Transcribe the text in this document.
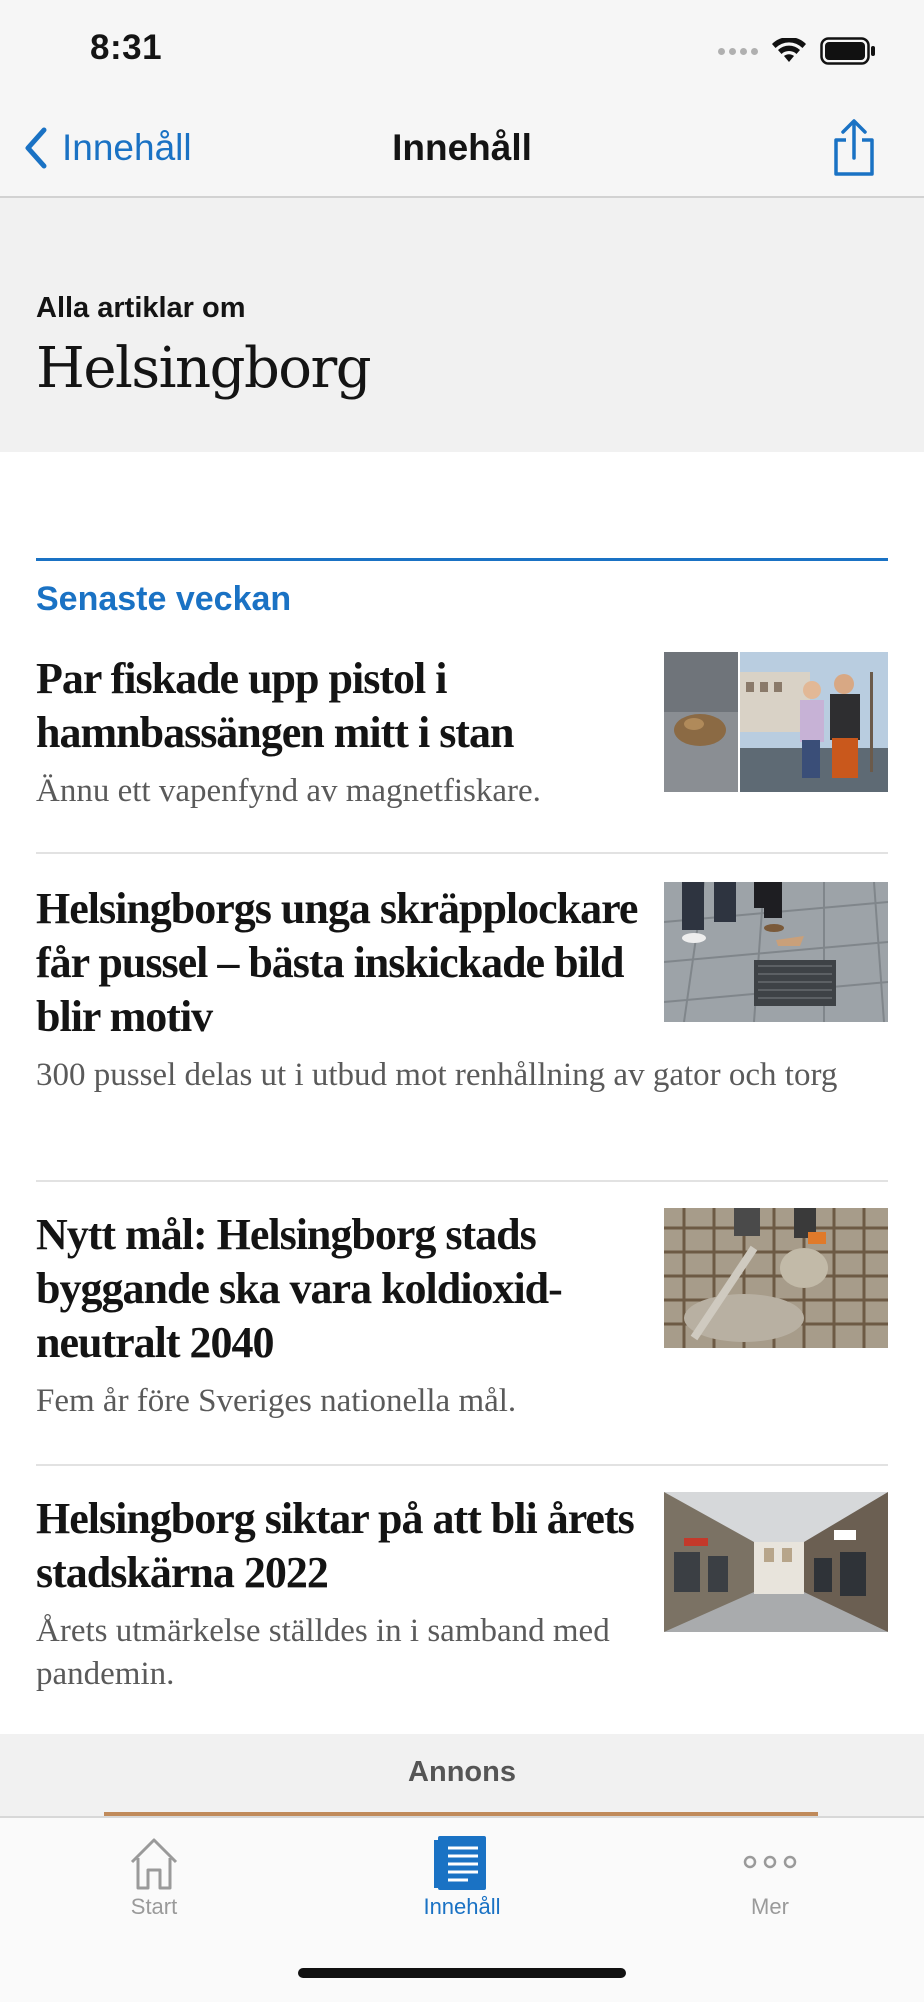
8:31
Innehåll	Innehåll
Alla artiklar om
Helsingborg
Senaste veckan

Par fiskade upp pistol i hamnbassängen mitt i stan

Ännu ett vapenfynd av magnetfiskare.

Helsingborgs unga skräpplockare får pussel – bästa inskickade bild blir motiv

300 pussel delas ut i utbud mot renhållning av gator och torg

Nytt mål: Helsingborg stads byggande ska vara koldioxidneutralt 2040

Fem år före Sveriges nationella mål.

Helsingborg siktar på att bli årets stadskärna 2022

Årets utmärkelse ställdes in i samband med pandemin.

Annons
Start	Innehåll	Mer
